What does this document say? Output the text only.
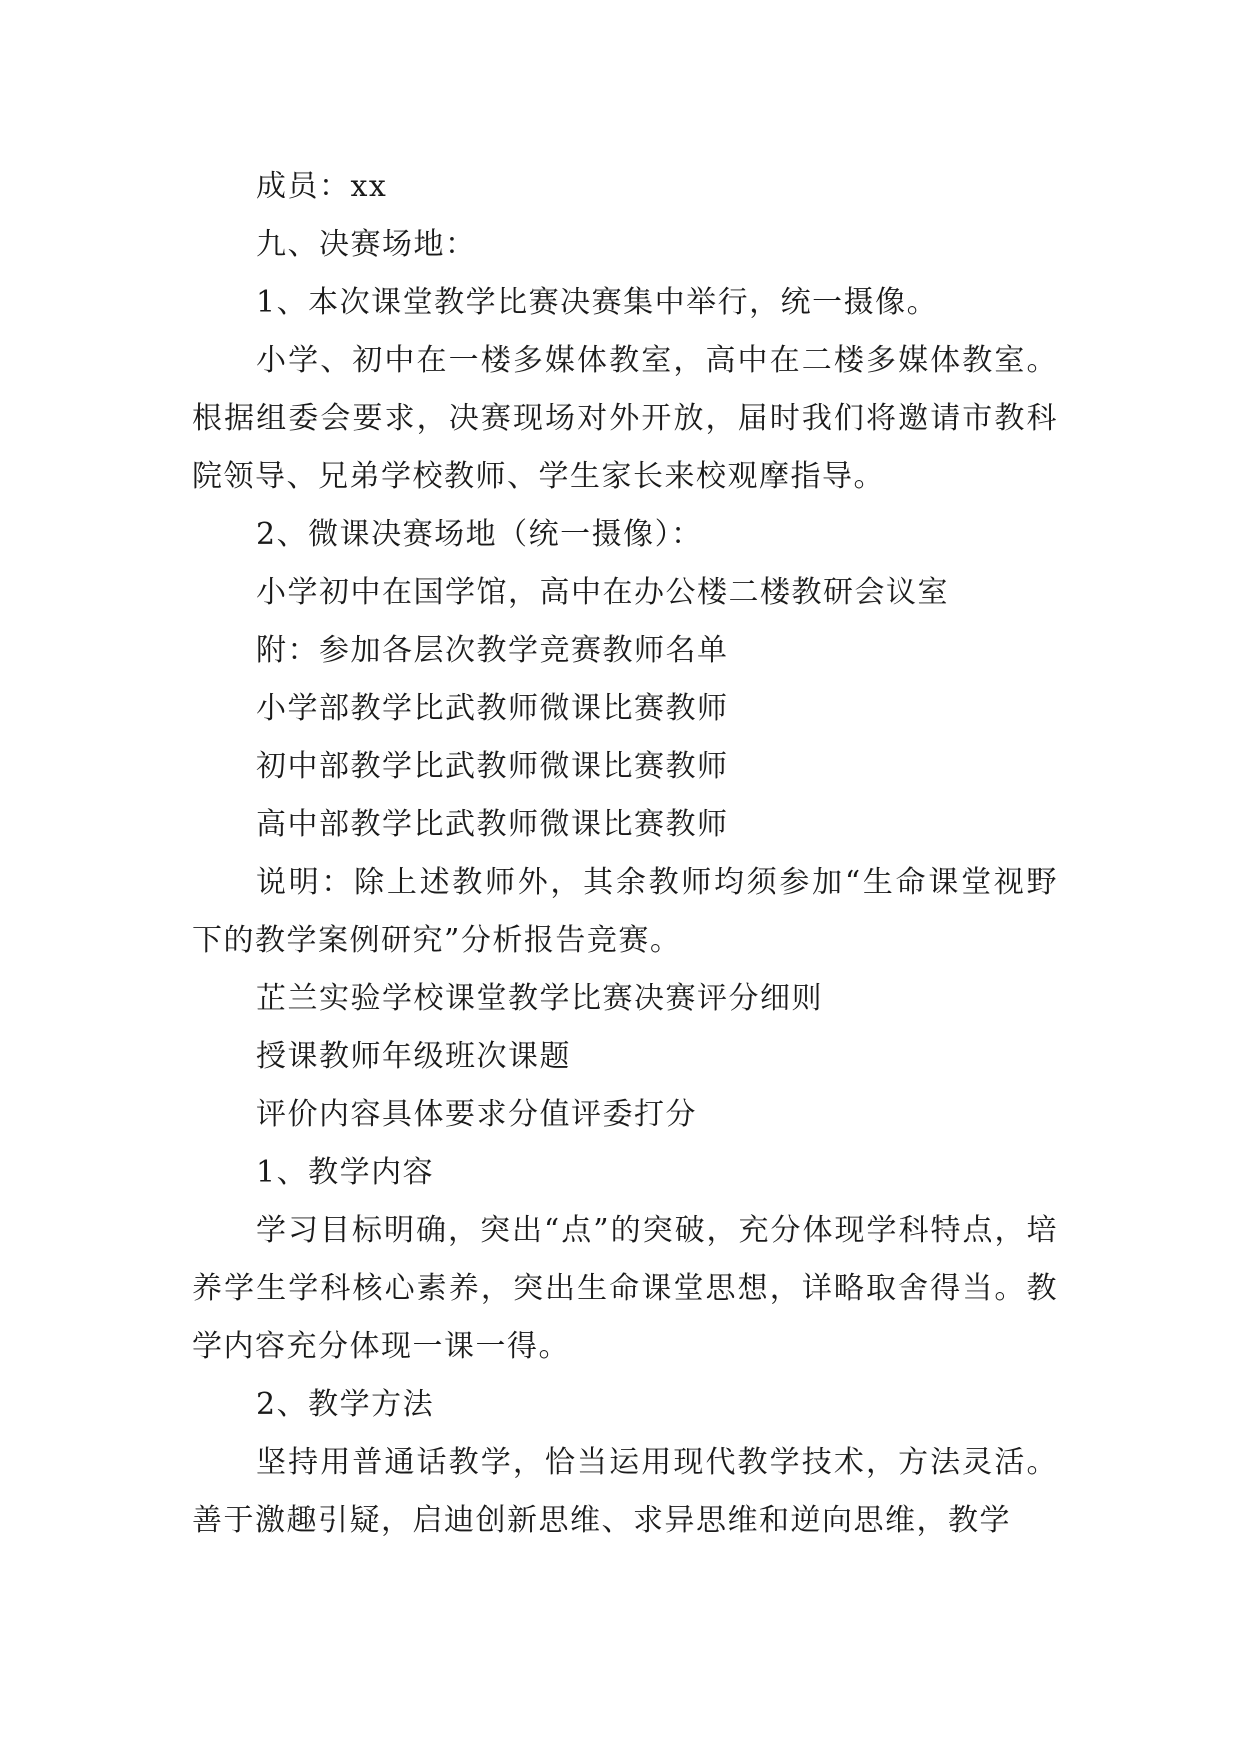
成员：xx

九、决赛场地：

1、本次课堂教学比赛决赛集中举行，统一摄像。

小学、初中在一楼多媒体教室，高中在二楼多媒体教室。根据组委会要求，决赛现场对外开放，届时我们将邀请市教科院领导、兄弟学校教师、学生家长来校观摩指导。

2、微课决赛场地（统一摄像）：

小学初中在国学馆，高中在办公楼二楼教研会议室

附：参加各层次教学竞赛教师名单

小学部教学比武教师微课比赛教师

初中部教学比武教师微课比赛教师

高中部教学比武教师微课比赛教师

说明：除上述教师外，其余教师均须参加“生命课堂视野下的教学案例研究”分析报告竞赛。

芷兰实验学校课堂教学比赛决赛评分细则

授课教师年级班次课题

评价内容具体要求分值评委打分

1、教学内容

学习目标明确，突出“点”的突破，充分体现学科特点，培养学生学科核心素养，突出生命课堂思想，详略取舍得当。教学内容充分体现一课一得。

2、教学方法

坚持用普通话教学，恰当运用现代教学技术，方法灵活。善于激趣引疑，启迪创新思维、求异思维和逆向思维，教学
